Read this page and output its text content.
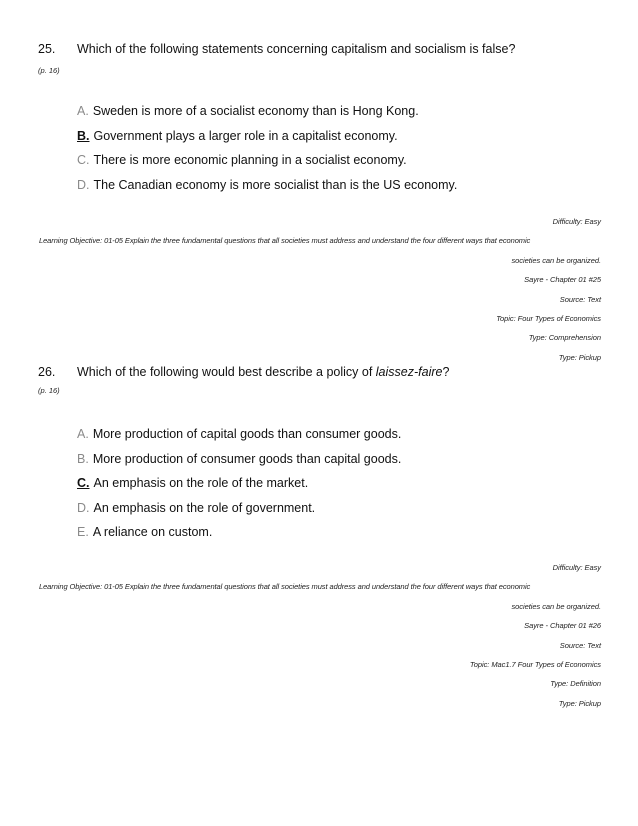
25. Which of the following statements concerning capitalism and socialism is false?
(p. 16)
A. Sweden is more of a socialist economy than is Hong Kong.
B. Government plays a larger role in a capitalist economy.
C. There is more economic planning in a socialist economy.
D. The Canadian economy is more socialist than is the US economy.
Difficulty: Easy

societies can be organized.
Sayre - Chapter 01 #25
Source: Text
Topic: Four Types of Economics
Type: Comprehension
Type: Pickup
Learning Objective: 01-05 Explain the three fundamental questions that all societies must address and understand the four different ways that economic
26. Which of the following would best describe a policy of laissez-faire?
(p. 16)
A. More production of capital goods than consumer goods.
B. More production of consumer goods than capital goods.
C. An emphasis on the role of the market.
D. An emphasis on the role of government.
E. A reliance on custom.
Difficulty: Easy

societies can be organized.
Sayre - Chapter 01 #26
Source: Text
Topic: Mac1.7 Four Types of Economics
Type: Definition
Type: Pickup
Learning Objective: 01-05 Explain the three fundamental questions that all societies must address and understand the four different ways that economic
